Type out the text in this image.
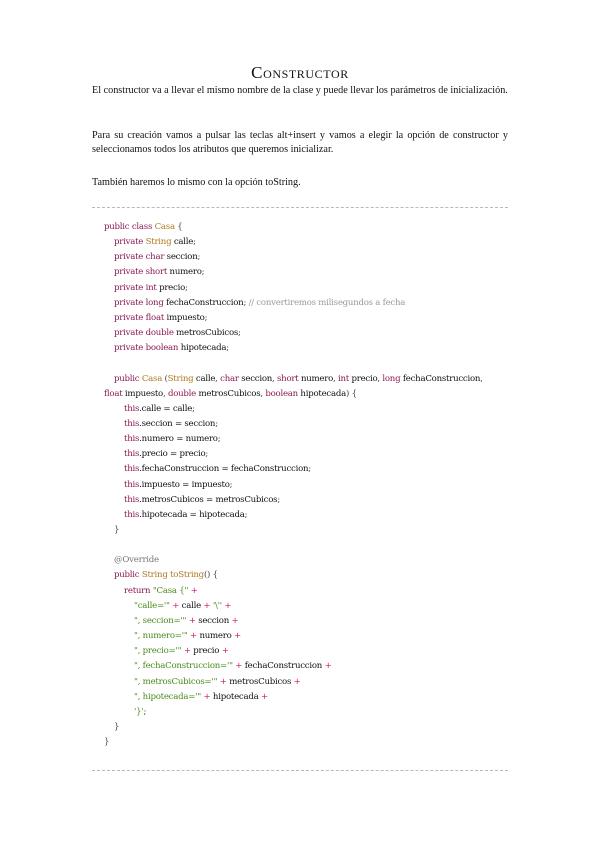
Constructor
El constructor va a llevar el mismo nombre de la clase y puede llevar los parámetros de inicialización.
Para su creación vamos a pulsar las teclas alt+insert y vamos a elegir la opción de constructor y seleccionamos todos los atributos que queremos inicializar.
También haremos lo mismo con la opción toString.
public class Casa {
private String calle;
private char seccion;
private short numero;
private int precio;
private long fechaConstruccion; // convertiremos milisegundos a fecha
private float impuesto;
private double metrosCubicos;
private boolean hipotecada;
public Casa (String calle, char seccion, short numero, int precio, long fechaConstruccion,
float impuesto, double metrosCubicos, boolean hipotecada) {
this.calle = calle;
this.seccion = seccion;
this.numero = numero;
this.precio = precio;
this.fechaConstruccion = fechaConstruccion;
this.impuesto = impuesto;
this.metrosCubicos = metrosCubicos;
this.hipotecada = hipotecada;
}
@Override
public String toString() {
return "Casa {" +
"calle='" + calle + '\'' +
", seccion='" + seccion +
", numero='" + numero +
", precio='" + precio +
", fechaConstruccion='" + fechaConstruccion +
", metrosCubicos='" + metrosCubicos +
", hipotecada='" + hipotecada +
'}';
}
}
